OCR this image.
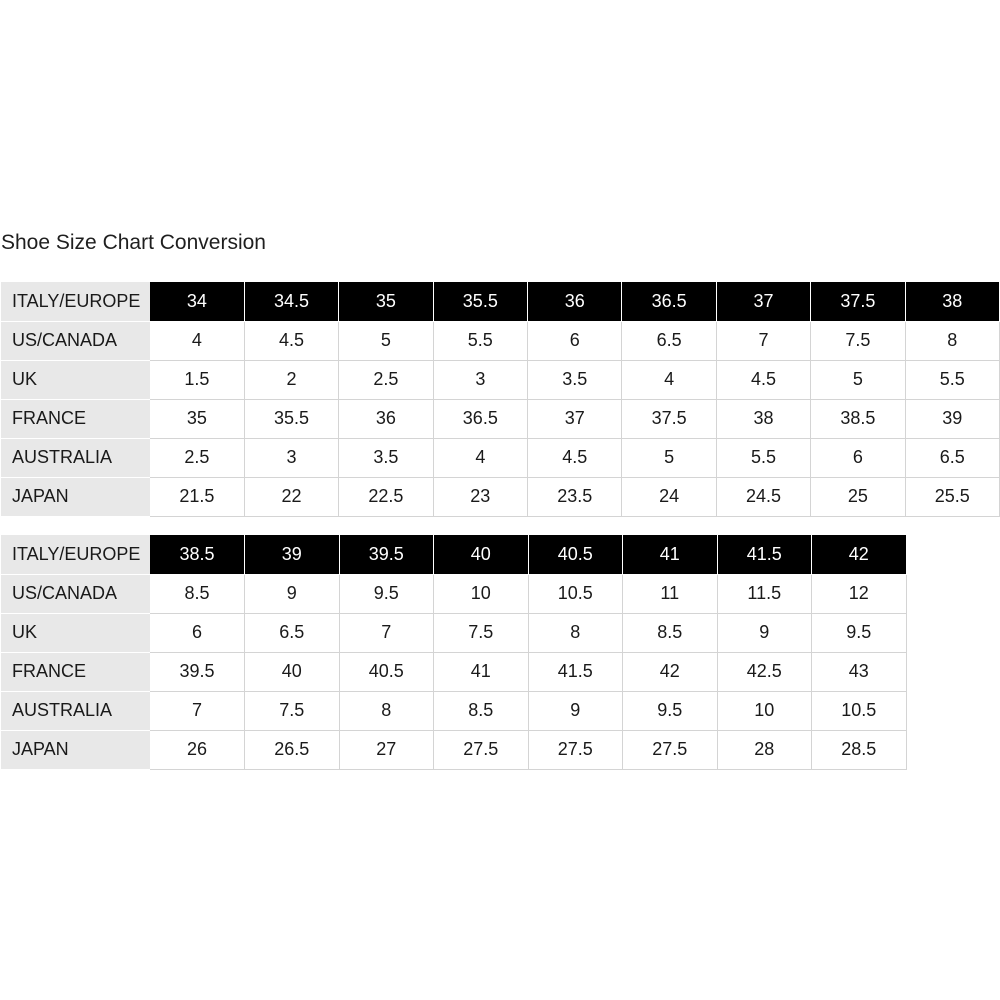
Shoe Size Chart Conversion
ITALY/EUROPE	34	34.5	35	35.5	36	36.5	37	37.5	38
US/CANADA	4	4.5	5	5.5	6	6.5	7	7.5	8
UK	1.5	2	2.5	3	3.5	4	4.5	5	5.5
FRANCE	35	35.5	36	36.5	37	37.5	38	38.5	39
AUSTRALIA	2.5	3	3.5	4	4.5	5	5.5	6	6.5
JAPAN	21.5	22	22.5	23	23.5	24	24.5	25	25.5
ITALY/EUROPE	38.5	39	39.5	40	40.5	41	41.5	42
US/CANADA	8.5	9	9.5	10	10.5	11	11.5	12
UK	6	6.5	7	7.5	8	8.5	9	9.5
FRANCE	39.5	40	40.5	41	41.5	42	42.5	43
AUSTRALIA	7	7.5	8	8.5	9	9.5	10	10.5
JAPAN	26	26.5	27	27.5	27.5	27.5	28	28.5
